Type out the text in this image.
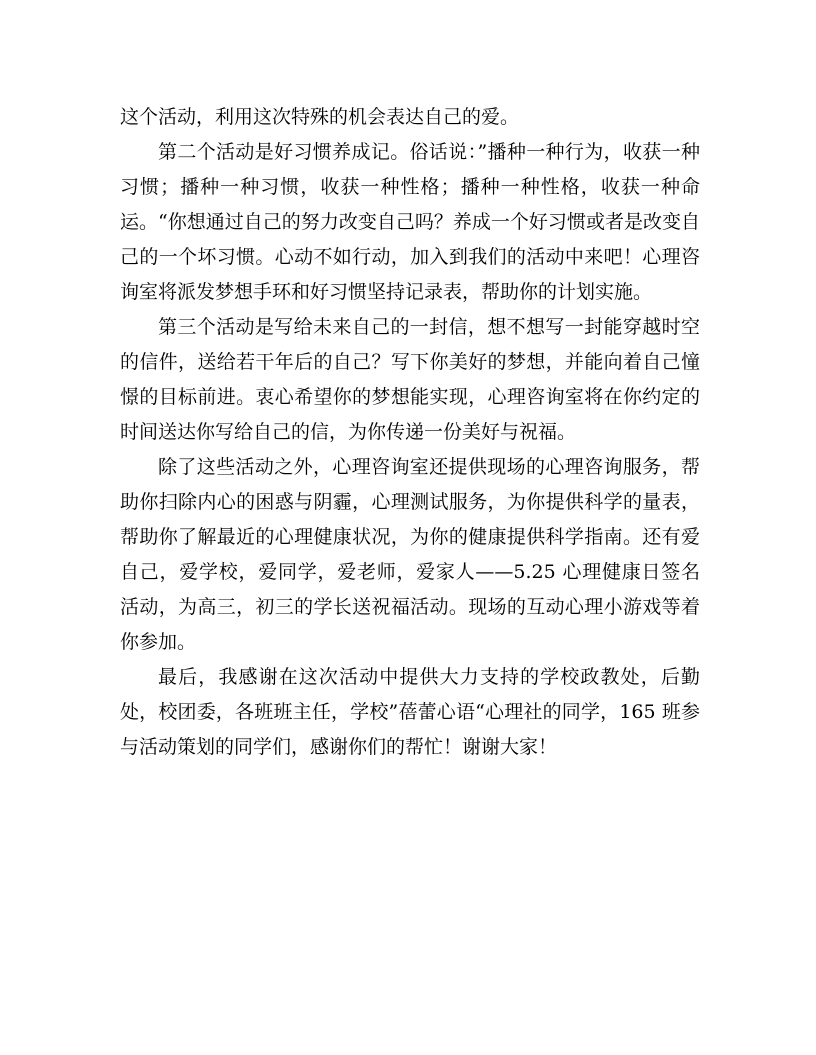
这个活动，利用这次特殊的机会表达自己的爱。

第二个活动是好习惯养成记。俗话说：”播种一种行为，收获一种习惯；播种一种习惯，收获一种性格；播种一种性格，收获一种命运。“你想通过自己的努力改变自己吗？养成一个好习惯或者是改变自己的一个坏习惯。心动不如行动，加入到我们的活动中来吧！心理咨询室将派发梦想手环和好习惯坚持记录表，帮助你的计划实施。

第三个活动是写给未来自己的一封信，想不想写一封能穿越时空的信件，送给若干年后的自己？写下你美好的梦想，并能向着自己憧憬的目标前进。衷心希望你的梦想能实现，心理咨询室将在你约定的时间送达你写给自己的信，为你传递一份美好与祝福。

除了这些活动之外，心理咨询室还提供现场的心理咨询服务，帮助你扫除内心的困惑与阴霾，心理测试服务，为你提供科学的量表，帮助你了解最近的心理健康状况，为你的健康提供科学指南。还有爱自己，爱学校，爱同学，爱老师，爱家人——5.25 心理健康日签名活动，为高三，初三的学长送祝福活动。现场的互动心理小游戏等着你参加。

最后，我感谢在这次活动中提供大力支持的学校政教处，后勤处，校团委，各班班主任，学校”蓓蕾心语“心理社的同学，165 班参与活动策划的同学们，感谢你们的帮忙！谢谢大家！
